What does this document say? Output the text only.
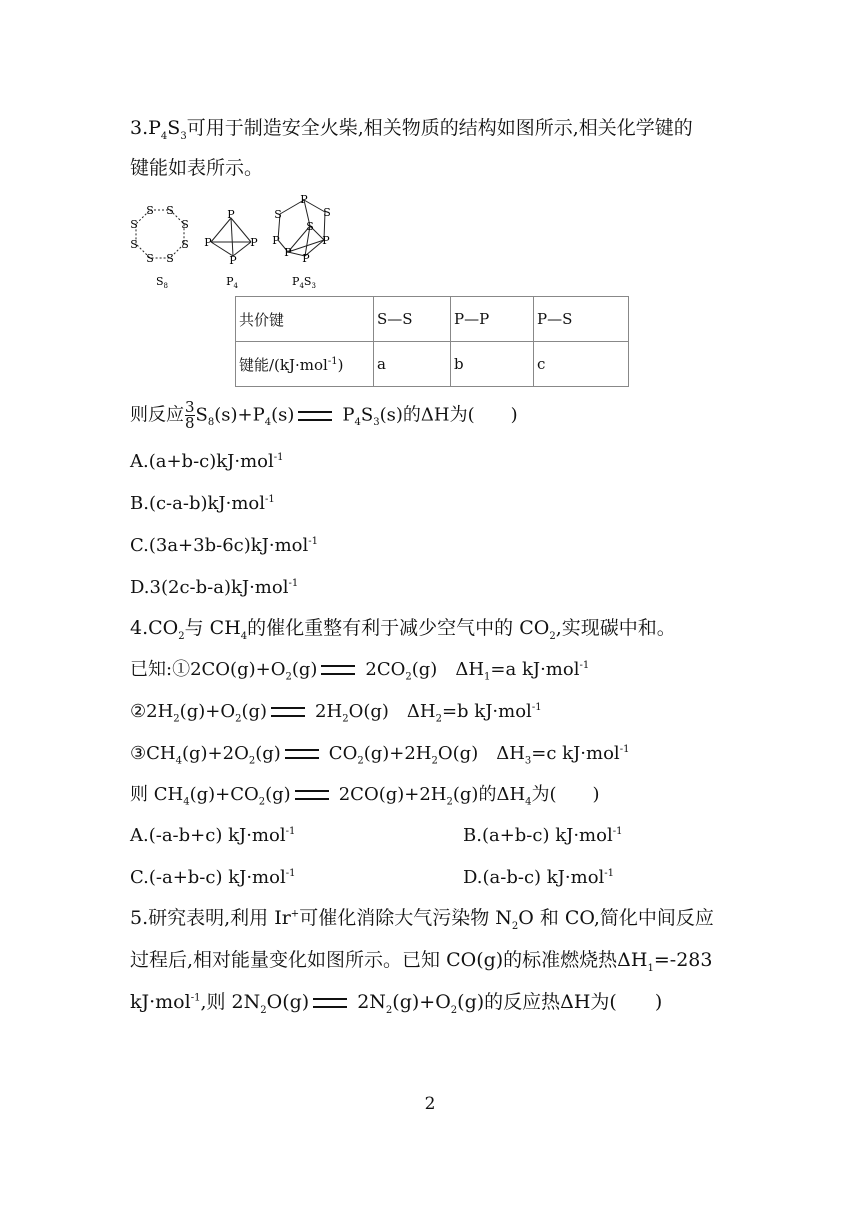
$3.P_4S_3$可用于制造安全火柴,相关物质的结构如图所示,相关化学键的
键能如表所示。
S S
S
S
S
S
S
S
$S_8$
P
P	P
P
$P_4$
P
S	S
S
P	P
P P
$P_4S_3$
共价键	S—S	P—P	P—S
键能/(kJ·mol$^{-1}$)	a	b	c
则反应 $\frac{3}{8} S_8(s)+P_4(s)$	$P_4S_3(s)$的ΔH为(　　)
A.(a+b-c)kJ·mol$^{-1}$
B.(c-a-b)kJ·mol$^{-1}$
C.(3a+3b-6c)kJ·mol$^{-1}$
D.3(2c-b-a)kJ·mol$^{-1}$
$4.CO_2$与 $CH_4$的催化重整有利于减少空气中的 $CO_2$,实现碳中和。
已知$:①2CO(g)+O_2(g)$	$2CO_2(g)$　$\Delta H_1=a$ kJ·mol$^{-1}$
$②2H_2(g)+O_2(g)$	$2H_2O(g)$　$\Delta H_2=b$ kJ·mol$^{-1}$
$③CH_4(g)+2O_2(g)$	$CO_2(g)+2H_2O(g)$　$\Delta H_3=c$ kJ·mol$^{-1}$
则 $CH_4(g)+CO_2(g)$	$2CO(g)+2H_2(g)$的$\Delta H_4$为(　　)
A.(-a-b+c) kJ·mol$^{-1}$	B.(a+b-c) kJ·mol$^{-1}$
C.(-a+b-c) kJ·mol$^{-1}$	D.(a-b-c) kJ·mol$^{-1}$
5.研究表明,利用 Ir+可催化消除大气污染物 $N_2O$ 和 CO,简化中间反应
过程后,相对能量变化如图所示。已知 CO(g)的标准燃烧热$\Delta H_1=-283$
kJ·mol$^{-1}$,则 $2N_2O(g)$	$2N_2(g)+O_2(g)$的反应热ΔH为(　　)
2
